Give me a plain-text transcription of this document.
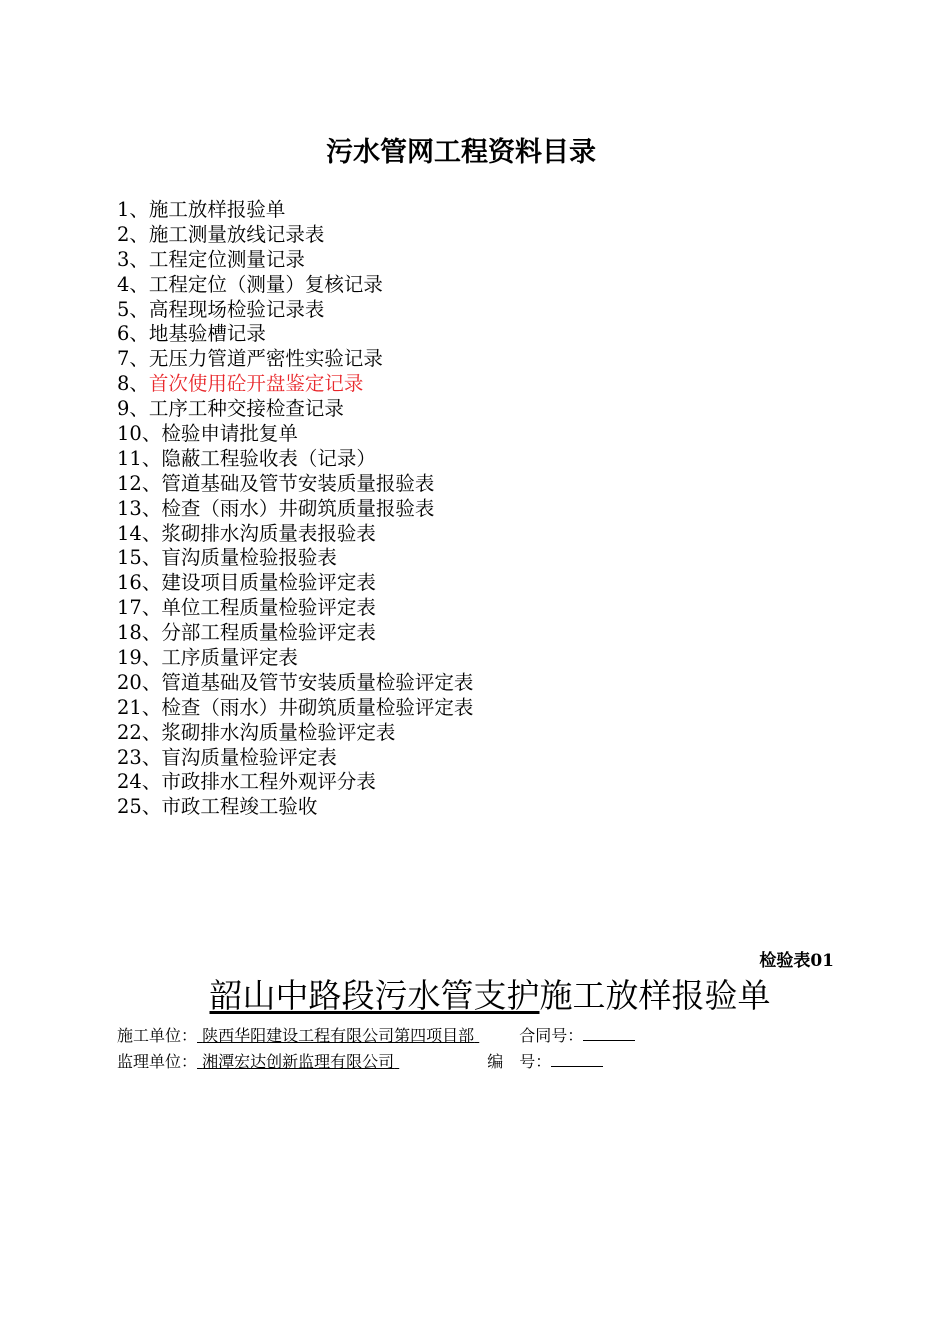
污水管网工程资料目录
1、施工放样报验单
2、施工测量放线记录表
3、工程定位测量记录
4、工程定位（测量）复核记录
5、高程现场检验记录表
6、地基验槽记录
7、无压力管道严密性实验记录
8、首次使用砼开盘鉴定记录
9、工序工种交接检查记录
10、检验申请批复单
11、隐蔽工程验收表（记录）
12、管道基础及管节安装质量报验表
13、检查（雨水）井砌筑质量报验表
14、浆砌排水沟质量表报验表
15、盲沟质量检验报验表
16、建设项目质量检验评定表
17、单位工程质量检验评定表
18、分部工程质量检验评定表
19、工序质量评定表
20、管道基础及管节安装质量检验评定表
21、检查（雨水）井砌筑质量检验评定表
22、浆砌排水沟质量检验评定表
23、盲沟质量检验评定表
24、市政排水工程外观评分表
25、市政工程竣工验收
检验表01
韶山中路段污水管支护施工放样报验单
施工单位： 陕西华阳建设工程有限公司第四项目部	合同号：
监理单位： 湘潭宏达创新监理有限公司	编　号：
